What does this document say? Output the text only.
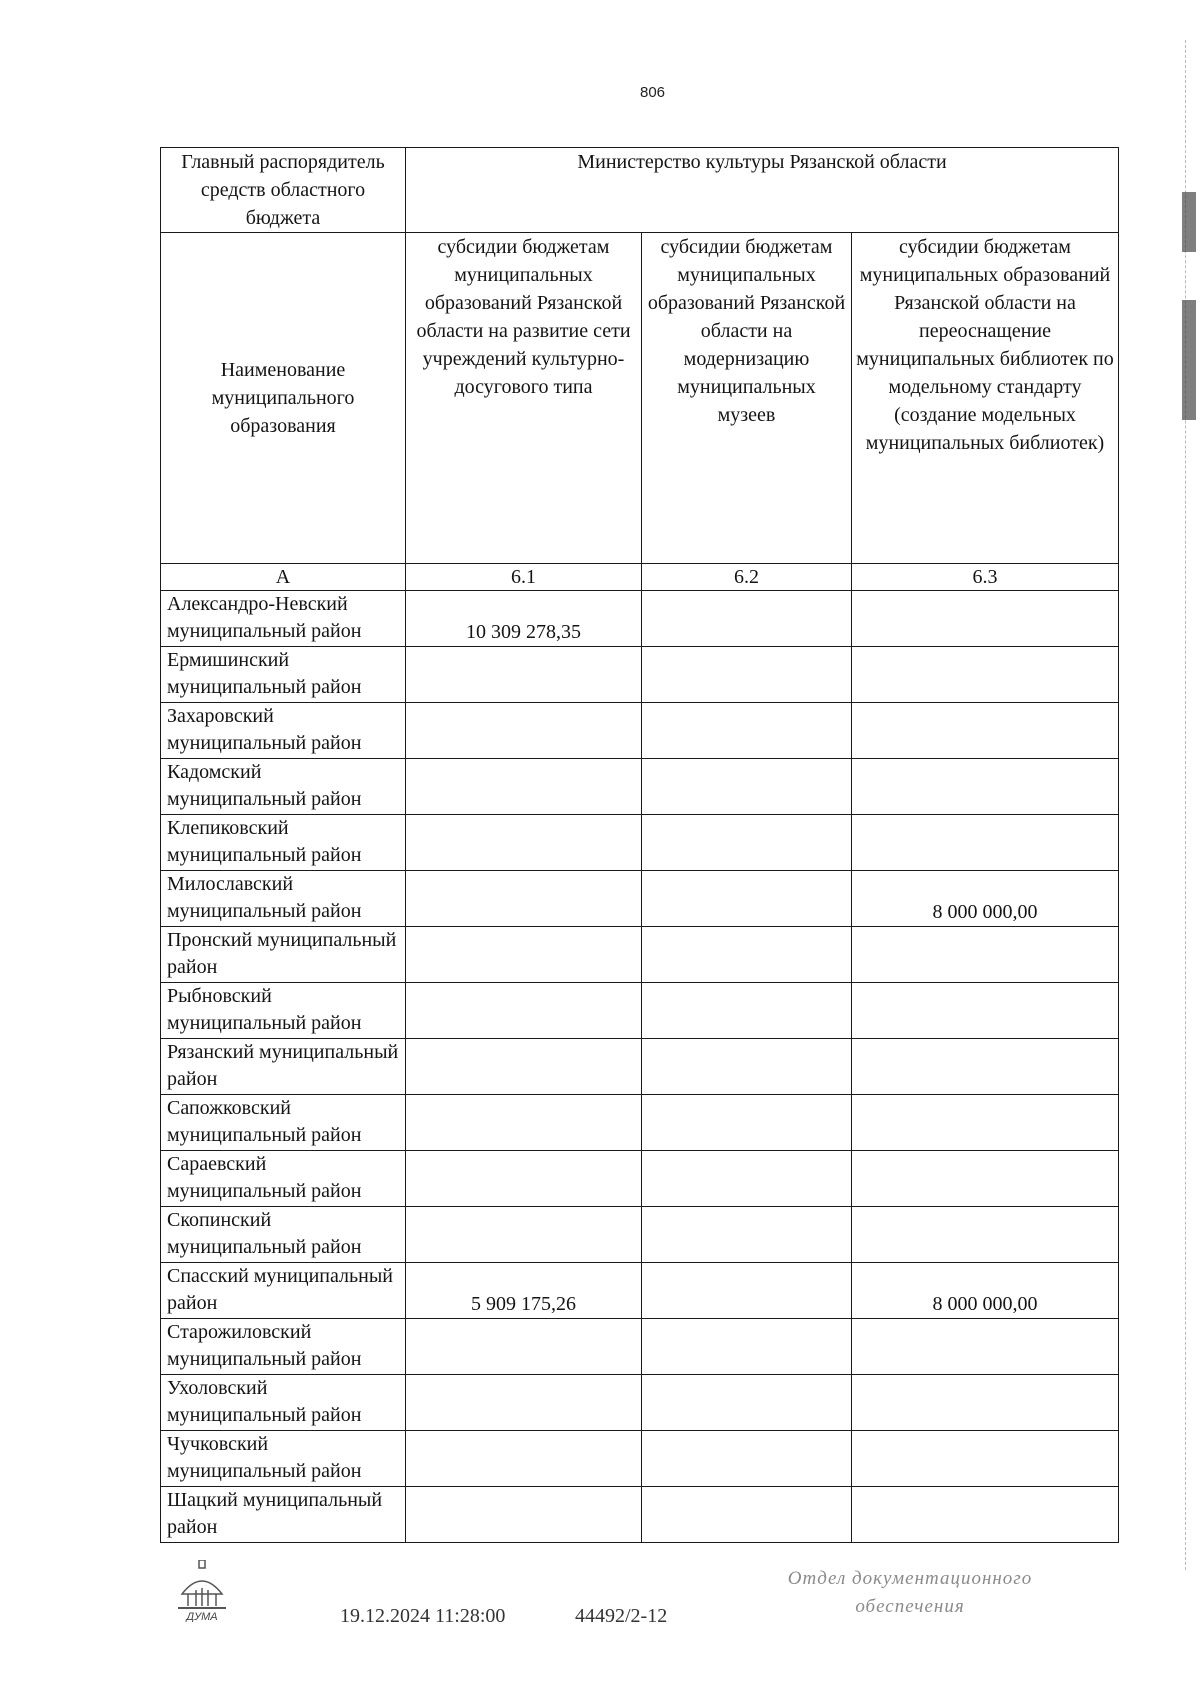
806
Главный распорядитель средств областного бюджета	Министерство культуры Рязанской области		
Наименование муниципального образования	субсидии бюджетам муниципальных образований Рязанской области на развитие сети учреждений культурно-досугового типа	субсидии бюджетам муниципальных образований Рязанской области на модернизацию муниципальных музеев	субсидии бюджетам муниципальных образований Рязанской области на переоснащение муниципальных библиотек по модельному стандарту (создание модельных муниципальных библиотек)
А	6.1	6.2	6.3
Александро-Невский муниципальный район	10 309 278,35		
Ермишинский муниципальный район			
Захаровский муниципальный район			
Кадомский муниципальный район			
Клепиковский муниципальный район			
Милославский муниципальный район			8 000 000,00
Пронский муниципальный район			
Рыбновский муниципальный район			
Рязанский муниципальный район			
Сапожковский муниципальный район			
Сараевский муниципальный район			
Скопинский муниципальный район			
Спасский муниципальный район	5 909 175,26		8 000 000,00
Старожиловский муниципальный район			
Ухоловский муниципальный район			
Чучковский муниципальный район			
Шацкий муниципальный район			
ДУМА	19.12.2024 11:28:00	44492/2-12
Отдел документационного обеспечения
